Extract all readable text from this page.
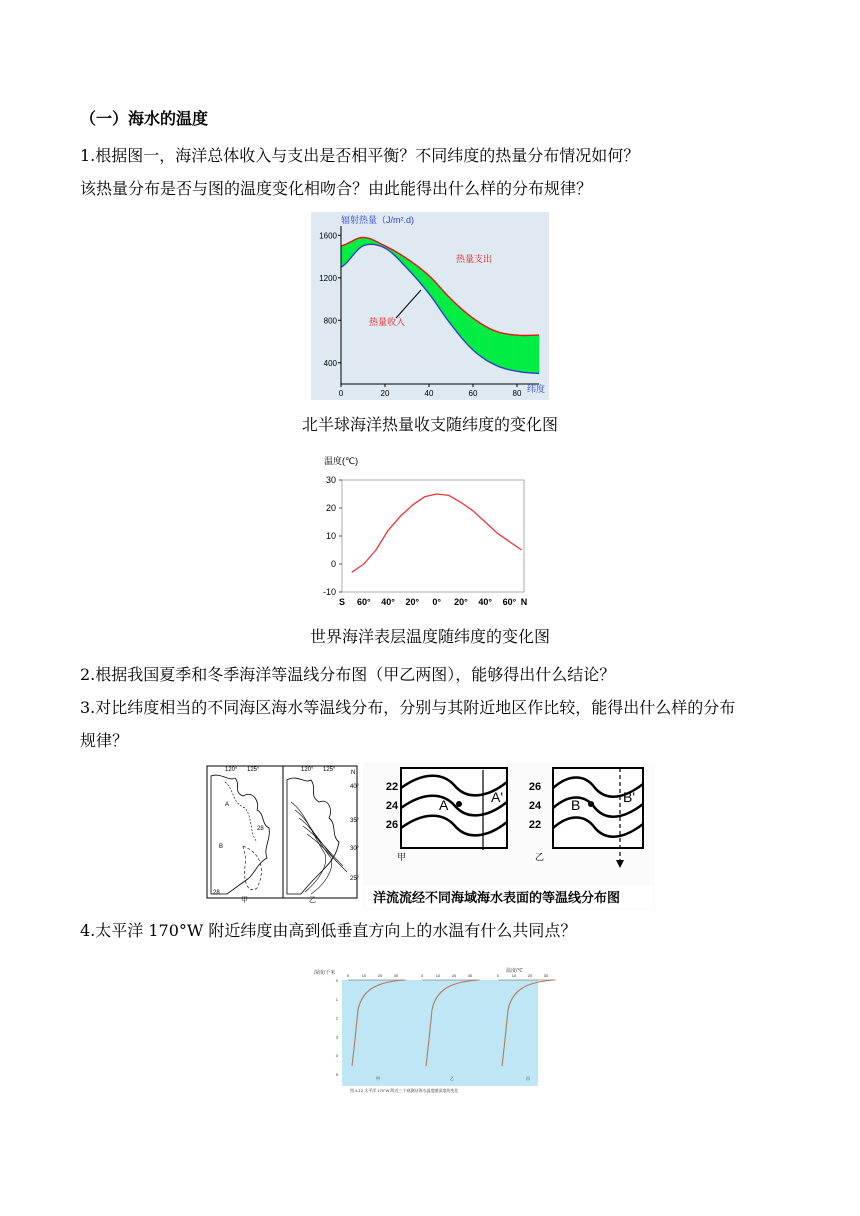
（一）海水的温度
1.根据图一，海洋总体收入与支出是否相平衡？不同纬度的热量分布情况如何？
该热量分布是否与图的温度变化相吻合？由此能得出什么样的分布规律？
辐射热量（J/m².d)
400
800
1200
1600
0	20	40	60	80 纬度
热量支出
热量收入
北半球海洋热量收支随纬度的变化图
温度(℃)
-10
0
10
20
30
S 60° 40° 20° 0° 20° 40° 60° N
世界海洋表层温度随纬度的变化图
2.根据我国夏季和冬季海洋等温线分布图（甲乙两图），能够得出什么结论？
3.对比纬度相当的不同海区海水等温线分布，分别与其附近地区作比较，能得出什么样的分布
规律？
120° 125°	120° 125°	N
40°
35°
30°
25°
A
B
28
28
甲	乙
22
24
26
A	A'
甲
26
24
22
B	B'
乙
洋流流经不同海域海水表面的等温线分布图
4.太平洋 170°W 附近纬度由高到低垂直方向上的水温有什么共同点？
深度/千米	温度/℃
0
1
2
3
4
5
0	10	20	30
甲
0	10	20	30
乙
0	10	20	30
丙
图 4-12 太平洋 170°W 附近三个观测站海水温度随深度的变化
